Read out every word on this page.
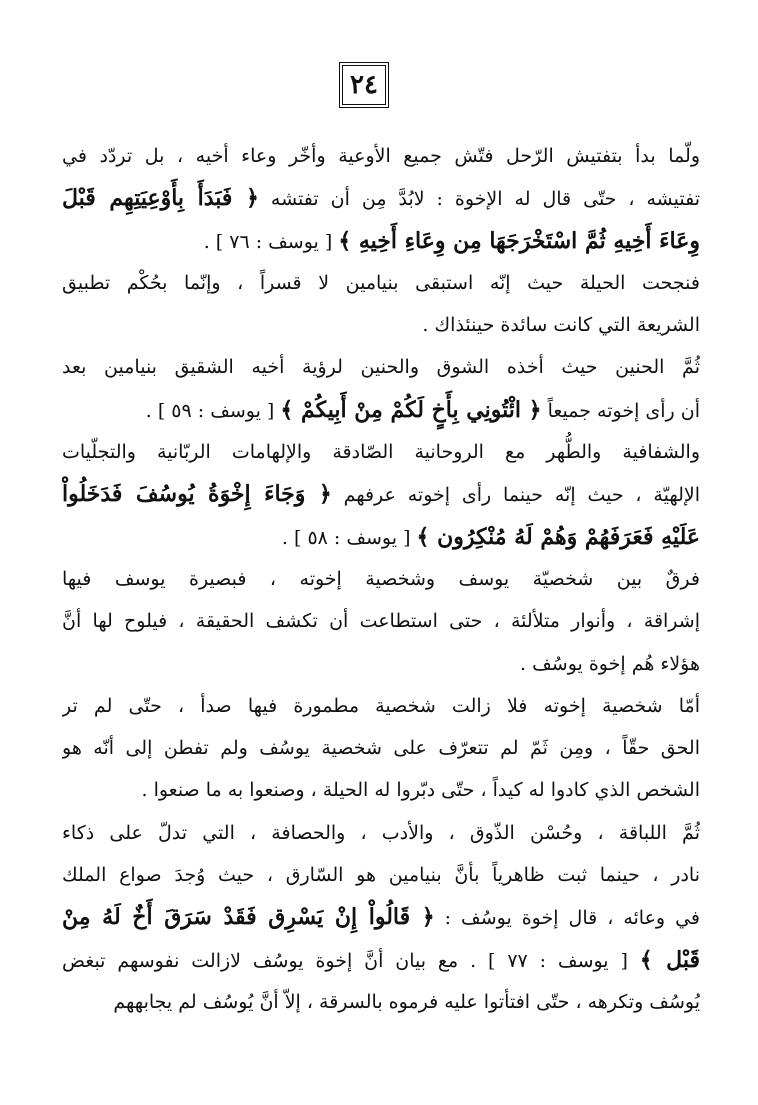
٢٤
ولّما بدأ بتفتيش الرّحل فتّش جميع الأوعية وأخّر وعاء أخيه ، بل تردّد في
تفتيشه ، حتّى قال له الإخوة : لابُدَّ مِن أن تفتشه ﴿ فَبَدَأَ بِأَوْعِيَتِهِم قَبْلَ
وِعَاءَ أَخِيهِ ثُمَّ اسْتَخْرَجَهَا مِن وِعَاءِ أَخِيهِ ﴾ [ يوسف : ٧٦ ] .
فنجحت الحيلة حيث إنّه استبقى بنيامين لا قسراً ، وإنّما بحُكْم تطبيق
الشريعة التي كانت سائدة حينئذاك .
ثُمَّ الحنين حيث أخذه الشوق والحنين لرؤية أخيه الشقيق بنيامين بعد
أن رأى إخوته جميعاً ﴿ ائْتُونِي بِأَخٍ لَكُمْ مِنْ أَبِيكُمْ ﴾ [ يوسف : ٥٩ ] .
والشفافية والطُّهر مع الروحانية الصّادقة والإلهامات الربّانية والتجلّيات
الإلهيّة ، حيث إنّه حينما رأى إخوته عرفهم ﴿ وَجَاءَ إِخْوَةُ يُوسُفَ فَدَخَلُواْ
عَلَيْهِ فَعَرَفَهُمْ وَهُمْ لَهُ مُنْكِرُون ﴾ [ يوسف : ٥٨ ] .
فرقٌ بين شخصيّة يوسف وشخصية إخوته ، فبصيرة يوسف فيها
إشراقة ، وأنوار متلألئة ، حتى استطاعت أن تكشف الحقيقة ، فيلوح لها أنَّ
هؤلاء هُم إخوة يوسُف .
أمّا شخصية إخوته فلا زالت شخصية مطمورة فيها صدأ ، حتّى لم تر
الحق حقّاً ، ومِن ثَمّ لم تتعرّف على شخصية يوسُف ولم تفطن إلى أنّه هو
الشخص الذي كادوا له كيداً ، حتّى دبّروا له الحيلة ، وصنعوا به ما صنعوا .
ثُمَّ اللباقة ، وحُسْن الذّوق ، والأدب ، والحصافة ، التي تدلّ على ذكاء
نادر ، حينما ثبت ظاهرياً بأنَّ بنيامين هو السّارق ، حيث وُجدَ صواع الملك
في وعائه ، قال إخوة يوسُف : ﴿ قَالُواْ إِنْ يَسْرِق فَقَدْ سَرَقَ أَخٌ لَهُ مِنْ
قَبْل ﴾ [ يوسف : ٧٧ ] . مع بيان أنَّ إخوة يوسُف لازالت نفوسهم تبغض
يُوسُف وتكرهه ، حتّى افتأتوا عليه فرموه بالسرقة ، إلاّ أنَّ يُوسُف لم يجابههم
